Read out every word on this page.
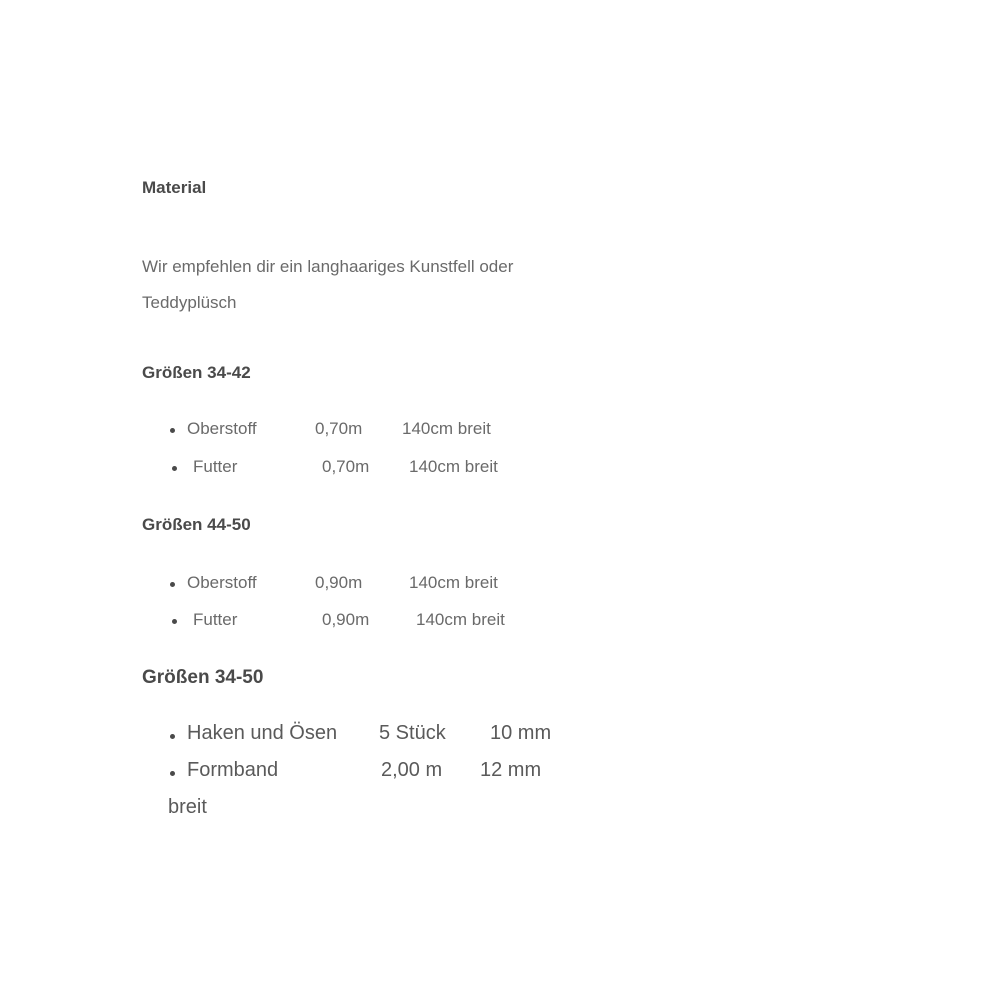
Material
Wir empfehlen dir ein langhaariges Kunstfell oder
Teddyplüsch
Größen 34-42
Oberstoff	0,70m 140cm breit
Futter	0,70m 140cm breit
Größen 44-50
Oberstoff	0,90m	140cm breit
Futter	0,90m	140cm breit
Größen 34-50
Haken und Ösen 5 Stück 10 mm
Formband	2,00 m 12 mm
breit
